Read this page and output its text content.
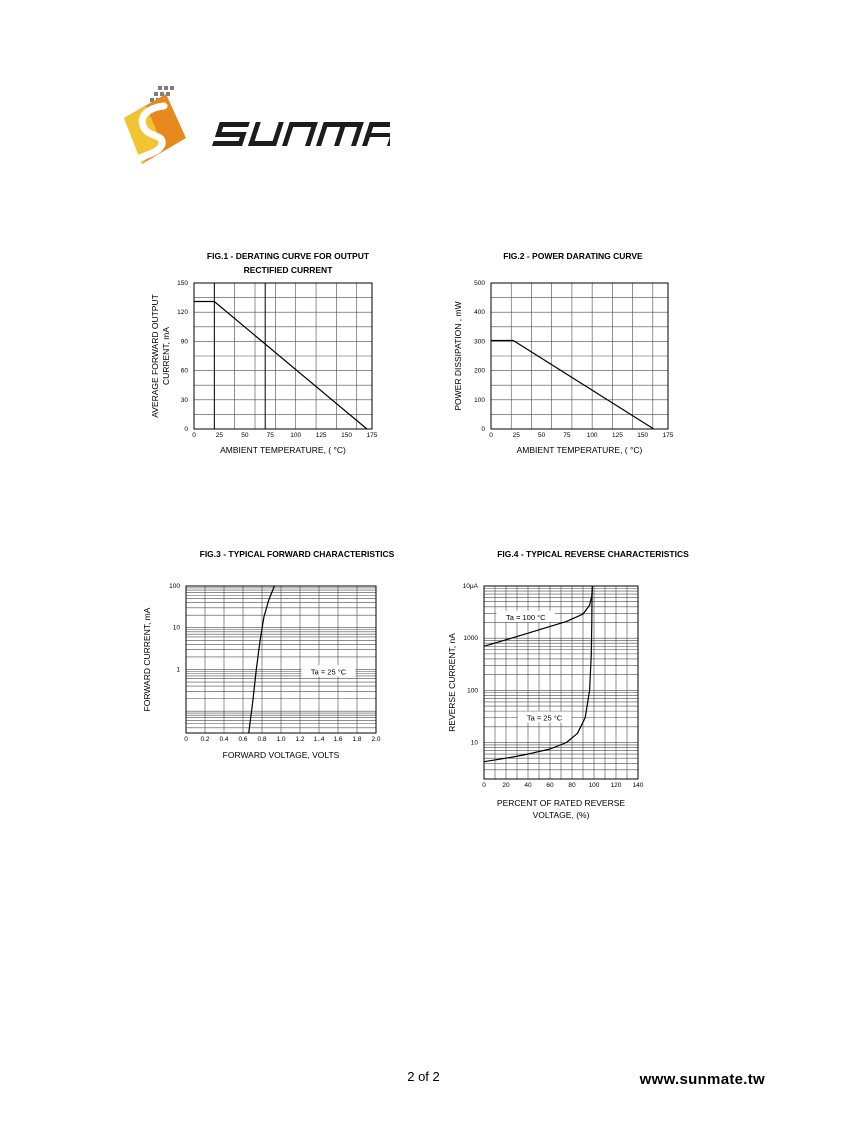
0	25	50	75	100 125 150 175
0
30
60
90
120
150
FIG.1 - DERATING CURVE FOR OUTPUT
RECTIFIED CURRENT
AMBIENT TEMPERATURE, ( °C)
AVERAGE FORWARD OUTPUT CURRENT, mA
0	25	50	75 100 125 150 175
0
100
200
300
400
500
FIG.2 - POWER DARATING CURVE
AMBIENT TEMPERATURE, ( °C)
POWER DISSIPATION , mW
0 0.2 0.4 0.6 0.8 1.0 1.2 1..4 1.6 1.8 2.0
1
10
100
FIG.3 - TYPICAL FORWARD CHARACTERISTICS
FORWARD VOLTAGE, VOLTS
FORWARD CURRENT, mA	Ta = 25 °C
0	20 40 60 80 100 120 140
10
100
1000
10μA
FIG.4 - TYPICAL REVERSE CHARACTERISTICS
PERCENT OF RATED REVERSE
VOLTAGE, (%)
REVERSE CURRENT, nA
Ta = 100 °C
Ta = 25 °C
2 of 2	www.sunmate.tw
